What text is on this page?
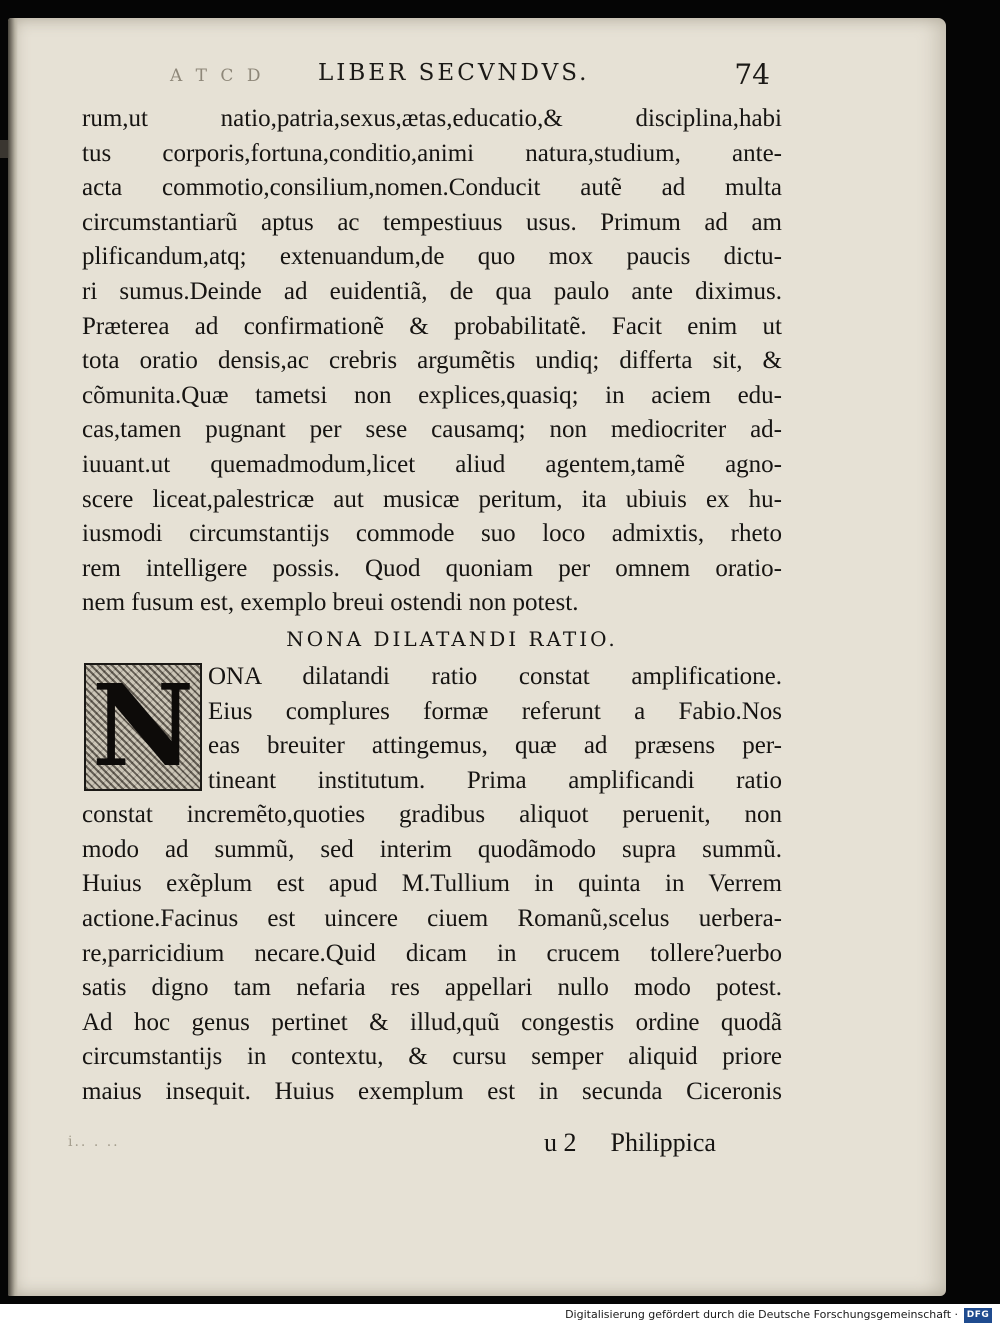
A T C D LIBER SECVNDVS.	74
rum,ut natio,patria,sexus,ætas,educatio,& disciplina,habi
tus corporis,fortuna,conditio,animi natura,studium, ante-
acta commotio,consilium,nomen.Conducit autẽ ad multa
circumstantiarũ aptus ac tempestiuus usus. Primum ad am
plificandum,atq; extenuandum,de quo mox paucis dictu-
ri sumus.Deinde ad euidentiã, de qua paulo ante diximus.
Præterea ad confirmationẽ & probabilitatẽ. Facit enim ut
tota oratio densis,ac crebris argumẽtis undiq; differta sit, &
cõmunita.Quæ tametsi non explices,quasiq; in aciem edu-
cas,tamen pugnant per sese causamq; non mediocriter ad-
iuuant.ut quemadmodum,licet aliud agentem,tamẽ agno-
scere liceat,palestricæ aut musicæ peritum, ita ubiuis ex hu-
iusmodi circumstantijs commode suo loco admixtis, rheto
rem intelligere possis. Quod quoniam per omnem oratio-
nem fusum est, exemplo breui ostendi non potest.
NONA DILATANDI RATIO.
N ONA dilatandi ratio constat amplificatione.
Eius complures formæ referunt a Fabio.Nos
eas breuiter attingemus, quæ ad præsens per-
tineant institutum. Prima amplificandi ratio
constat incremẽto,quoties gradibus aliquot peruenit, non
modo ad summũ, sed interim quodãmodo supra summũ.
Huius exẽplum est apud M.Tullium in quinta in Verrem
actione.Facinus est uincere ciuem Romanũ,scelus uerbera-
re,parricidium necare.Quid dicam in crucem tollere?uerbo
satis digno tam nefaria res appellari nullo modo potest.
Ad hoc genus pertinet & illud,quũ congestis ordine quodã
circumstantijs in contextu, & cursu semper aliquid priore
maius insequit. Huius exemplum est in secunda Ciceronis
i.. . ..	u 2 Philippica
Digitalisierung gefördert durch die Deutsche Forschungsgemeinschaft · DFG
